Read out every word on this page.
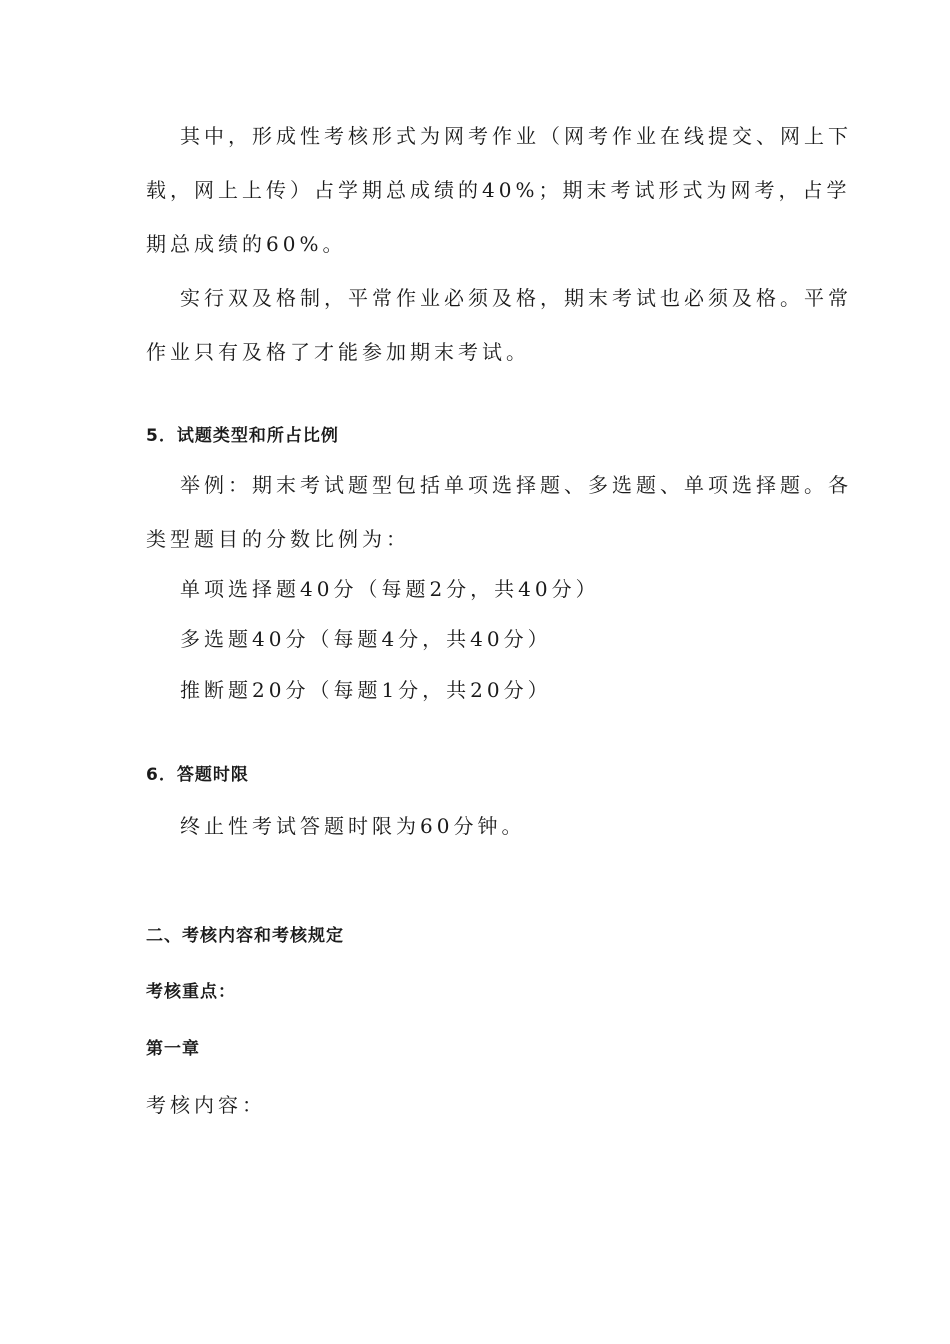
其中，形成性考核形式为网考作业（网考作业在线提交、网上下
载，网上上传）占学期总成绩的40%；期末考试形式为网考，占学
期总成绩的60%。
实行双及格制，平常作业必须及格，期末考试也必须及格。平常
作业只有及格了才能参加期末考试。
5．试题类型和所占比例
举例：期末考试题型包括单项选择题、多选题、单项选择题。各
类型题目的分数比例为：
单项选择题40分（每题2分，共40分）
多选题40分（每题4分，共40分）
推断题20分（每题1分，共20分）
6．答题时限
终止性考试答题时限为60分钟。
二、考核内容和考核规定
考核重点：
第一章
考核内容：
